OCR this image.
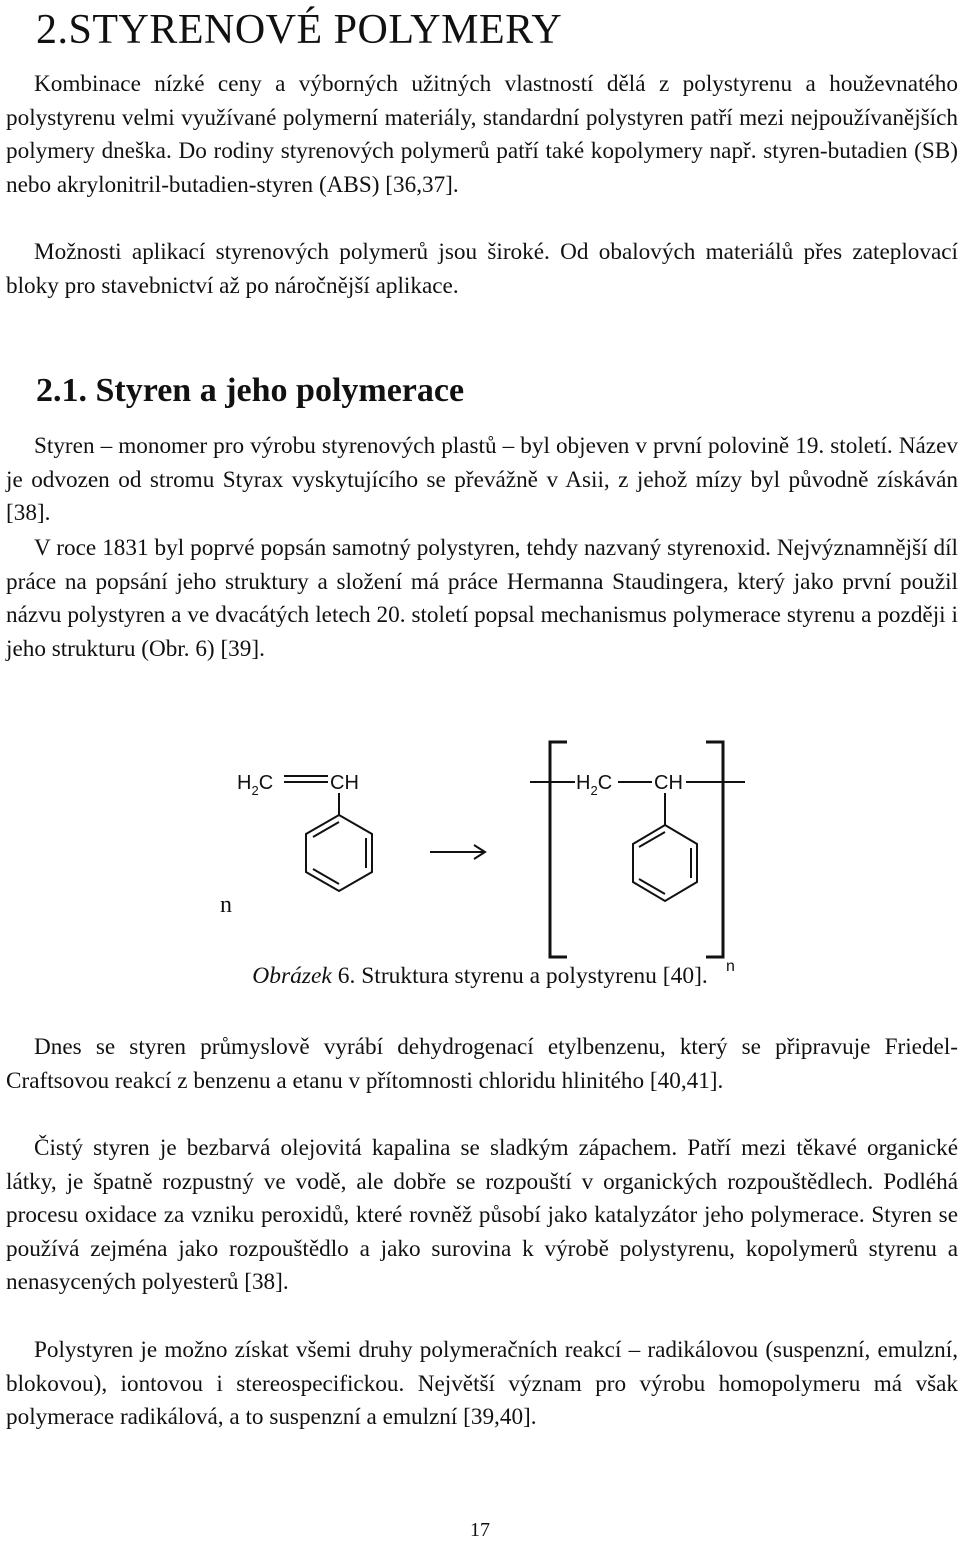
2.STYRENOVÉ POLYMERY

Kombinace nízké ceny a výborných užitných vlastností dělá z polystyrenu a houževnatého polystyrenu velmi využívané polymerní materiály, standardní polystyren patří mezi nejpoužívanějších polymery dneška. Do rodiny styrenových polymerů patří také kopolymery např. styren-butadien (SB) nebo akrylonitril-butadien-styren (ABS) [36,37].

Možnosti aplikací styrenových polymerů jsou široké. Od obalových materiálů přes zateplovací bloky pro stavebnictví až po náročnější aplikace.

2.1. Styren a jeho polymerace

Styren – monomer pro výrobu styrenových plastů – byl objeven v první polovině 19. století. Název je odvozen od stromu Styrax vyskytujícího se převážně v Asii, z jehož mízy byl původně získáván [38].

V roce 1831 byl poprvé popsán samotný polystyren, tehdy nazvaný styrenoxid. Nejvýznamnější díl práce na popsání jeho struktury a složení má práce Hermanna Staudingera, který jako první použil názvu polystyren a ve dvacátých letech 20. století popsal mechanismus polymerace styrenu a později i jeho strukturu (Obr. 6) [39].

$H_2C$	CH	$H_2C$ CH
n
n

Obrázek 6. Struktura styrenu a polystyrenu [40].

Dnes se styren průmyslově vyrábí dehydrogenací etylbenzenu, který se připravuje Friedel-Craftsovou reakcí z benzenu a etanu v přítomnosti chloridu hlinitého [40,41].

Čistý styren je bezbarvá olejovitá kapalina se sladkým zápachem. Patří mezi těkavé organické látky, je špatně rozpustný ve vodě, ale dobře se rozpouští v organických rozpouštědlech. Podléhá procesu oxidace za vzniku peroxidů, které rovněž působí jako katalyzátor jeho polymerace. Styren se používá zejména jako rozpouštědlo a jako surovina k výrobě polystyrenu, kopolymerů styrenu a nenasycených polyesterů [38].

Polystyren je možno získat všemi druhy polymeračních reakcí – radikálovou (suspenzní, emulzní, blokovou), iontovou i stereospecifickou. Největší význam pro výrobu homopolymeru má však polymerace radikálová, a to suspenzní a emulzní [39,40].

17
